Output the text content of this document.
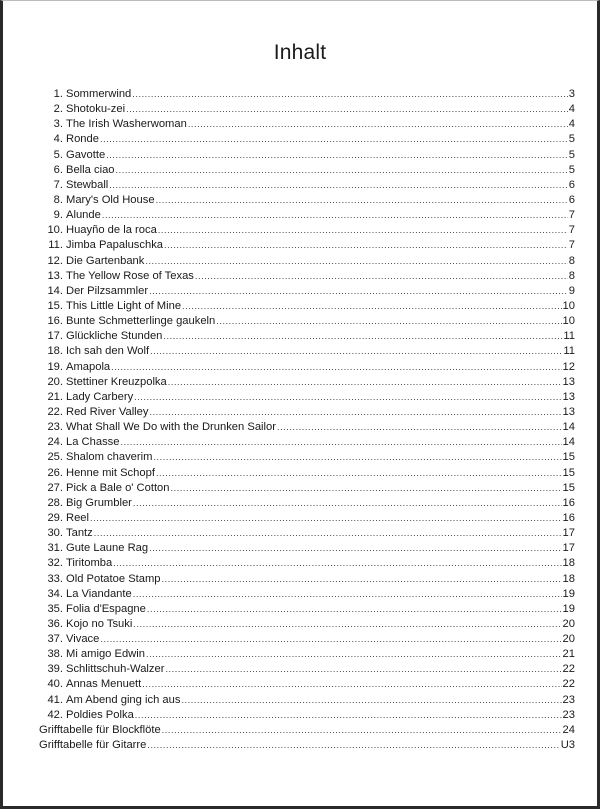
Inhalt
1. Sommerwind .....	3
2. Shotoku-zei .....	4
3. The Irish Washerwoman .....	4
4. Ronde .....	5
5. Gavotte .....	5
6. Bella ciao .....	5
7. Stewball .....	6
8. Mary's Old House .....	6
9. Alunde .....	7
10. Huayño de la roca .....	7
11. Jimba Papaluschka .....	7
12. Die Gartenbank .....	8
13. The Yellow Rose of Texas .....	8
14. Der Pilzsammler .....	9
15. This Little Light of Mine .....	10
16. Bunte Schmetterlinge gaukeln .....	10
17. Glückliche Stunden .....	11
18. Ich sah den Wolf .....	11
19. Amapola .....	12
20. Stettiner Kreuzpolka .....	13
21. Lady Carbery .....	13
22. Red River Valley .....	13
23. What Shall We Do with the Drunken Sailor .....	14
24. La Chasse .....	14
25. Shalom chaverim .....	15
26. Henne mit Schopf .....	15
27. Pick a Bale o' Cotton .....	15
28. Big Grumbler .....	16
29. Reel .....	16
30. Tantz .....	17
31. Gute Laune Rag .....	17
32. Tiritomba .....	18
33. Old Potatoe Stamp .....	18
34. La Viandante .....	19
35. Folia d'Espagne .....	19
36. Kojo no Tsuki .....	20
37. Vivace .....	20
38. Mi amigo Edwin .....	21
39. Schlittschuh-Walzer .....	22
40. Annas Menuett .....	22
41. Am Abend ging ich aus .....	23
42. Poldies Polka .....	23
Grifftabelle für Blockflöte .....	24
Grifftabelle für Gitarre .....	U3
